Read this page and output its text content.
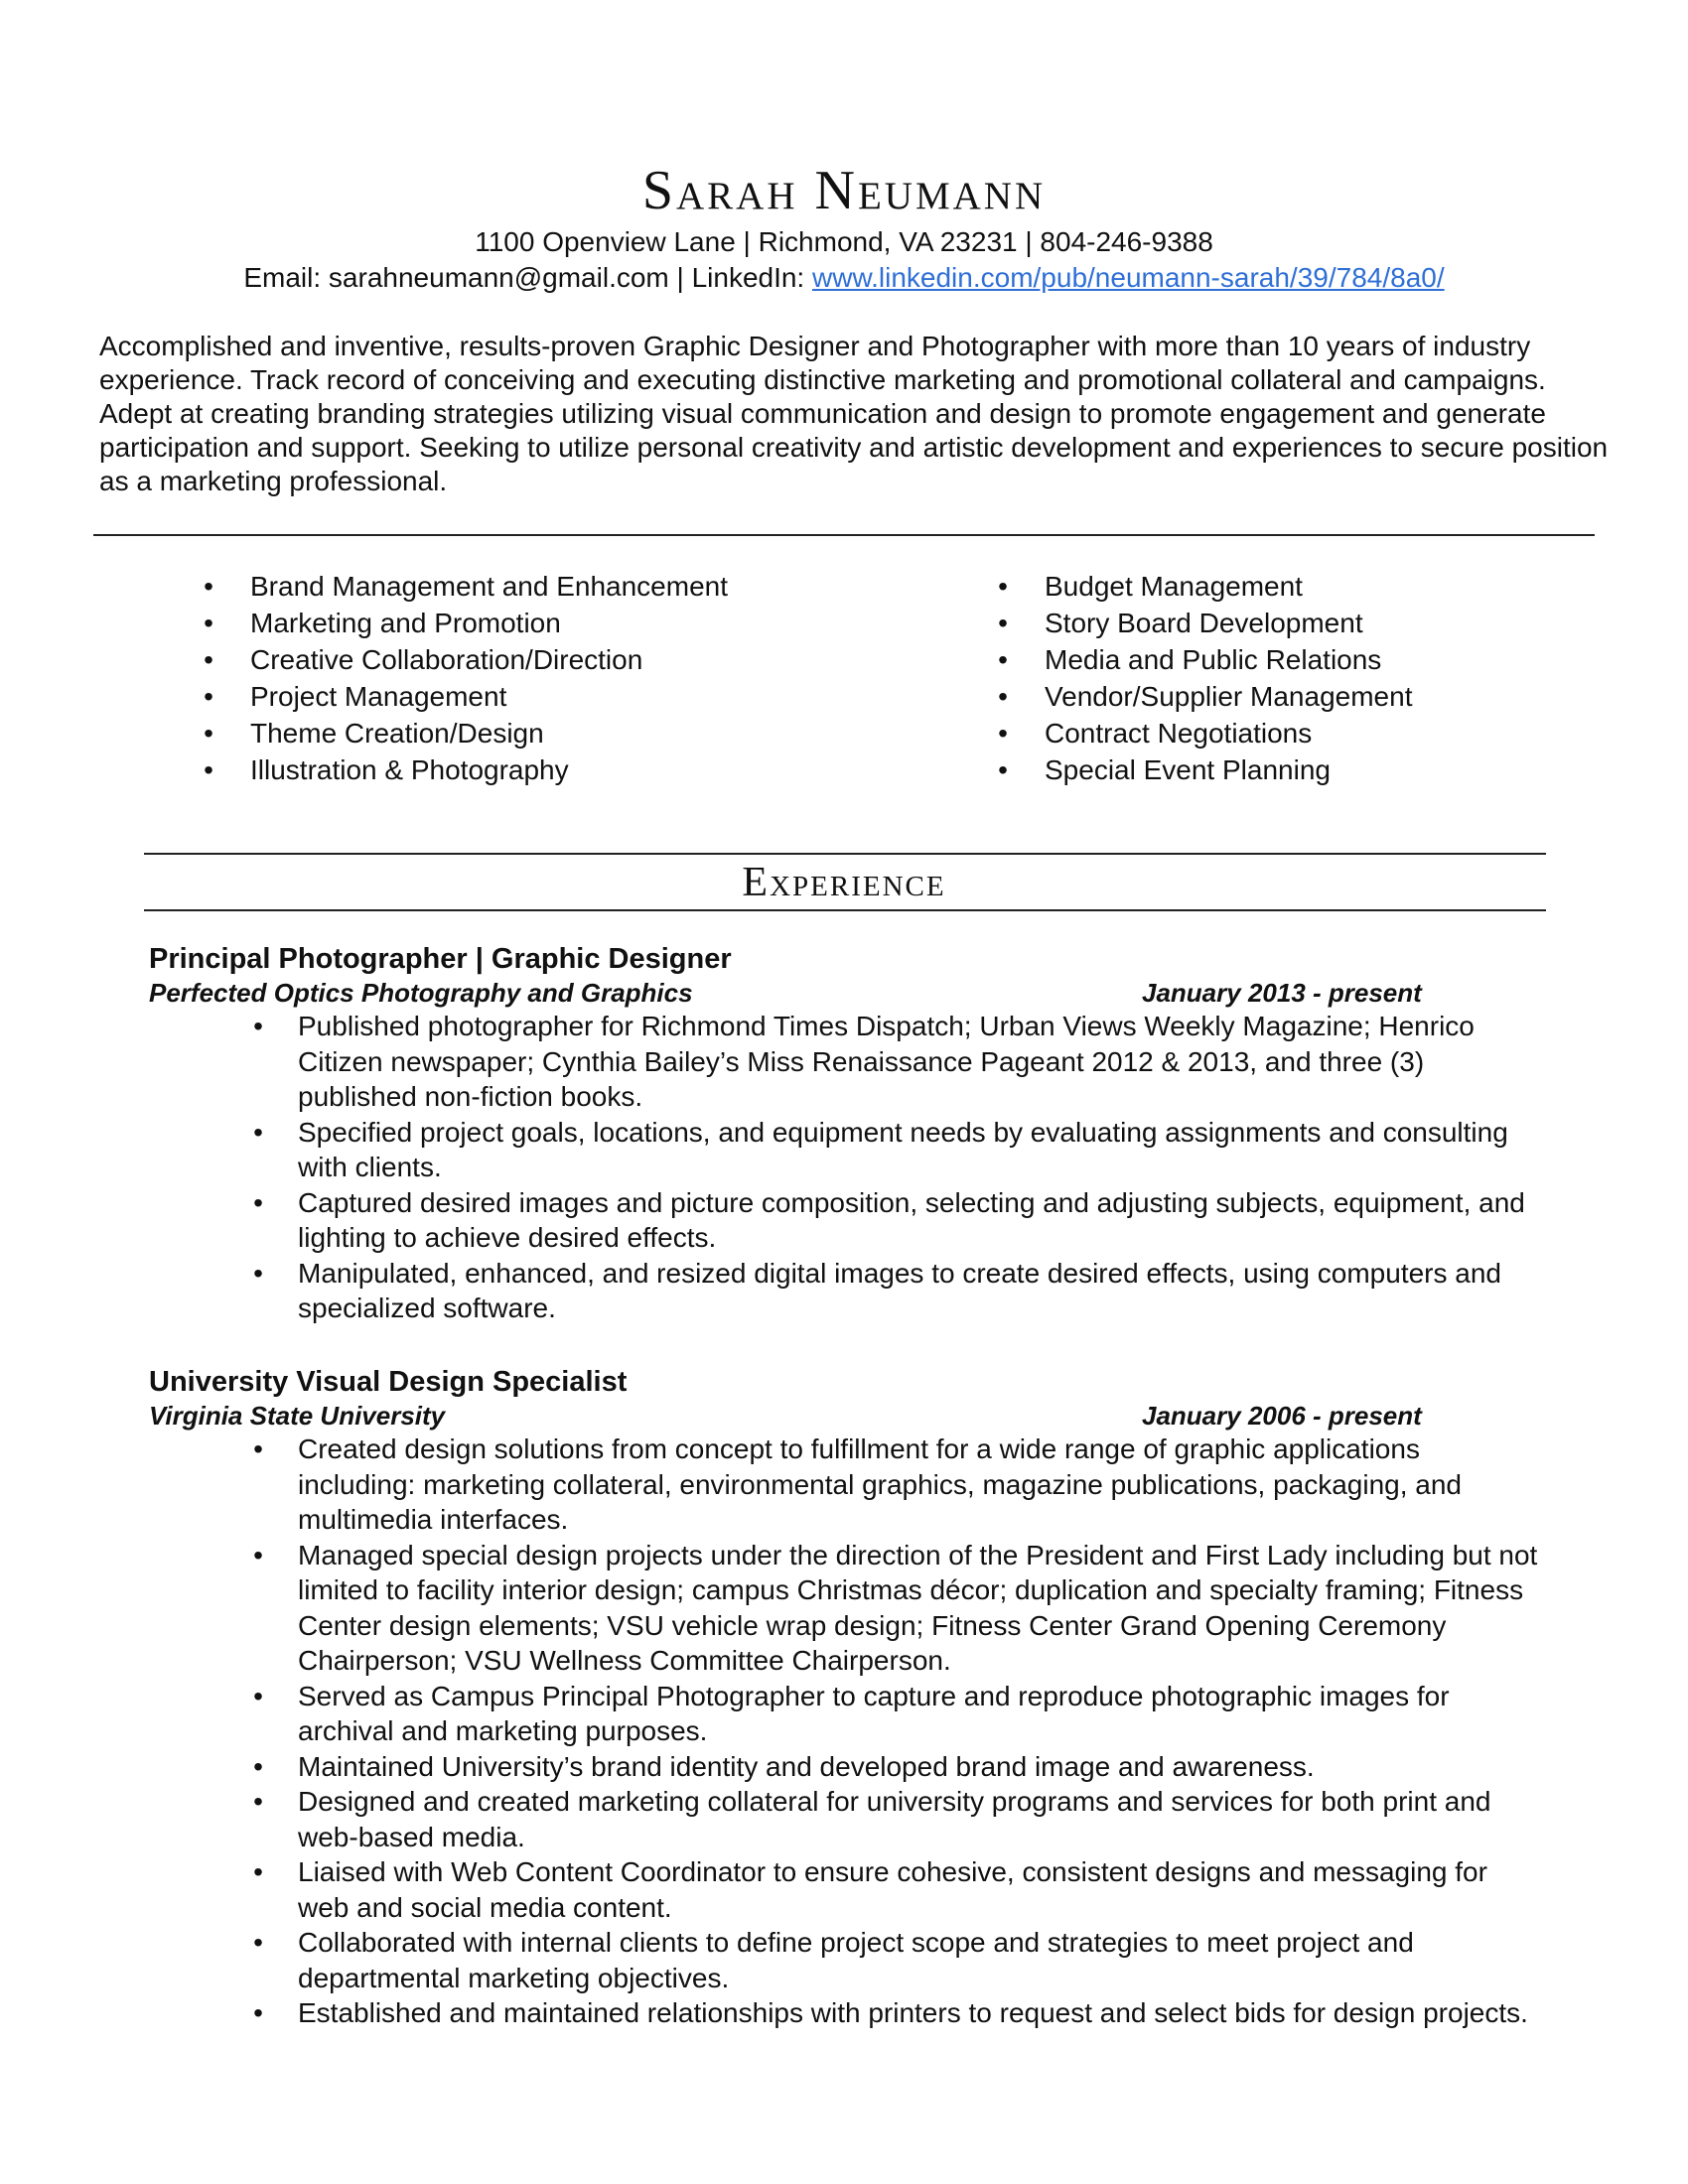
Sarah Neumann
1100 Openview Lane | Richmond, VA 23231 | 804-246-9388
Email: sarahneumann@gmail.com | LinkedIn: www.linkedin.com/pub/neumann-sarah/39/784/8a0/
Accomplished and inventive, results-proven Graphic Designer and Photographer with more than 10 years of industry experience. Track record of conceiving and executing distinctive marketing and promotional collateral and campaigns. Adept at creating branding strategies utilizing visual communication and design to promote engagement and generate participation and support. Seeking to utilize personal creativity and artistic development and experiences to secure position as a marketing professional.
• Brand Management and Enhancement
• Marketing and Promotion
• Creative Collaboration/Direction
• Project Management
• Theme Creation/Design
• Illustration & Photography
• Budget Management
• Story Board Development
• Media and Public Relations
• Vendor/Supplier Management
• Contract Negotiations
• Special Event Planning
Experience
Principal Photographer | Graphic Designer
Perfected Optics Photography and Graphics	January 2013 - present
• Published photographer for Richmond Times Dispatch; Urban Views Weekly Magazine; Henrico Citizen newspaper; Cynthia Bailey’s Miss Renaissance Pageant 2012 & 2013, and three (3) published non-fiction books.
• Specified project goals, locations, and equipment needs by evaluating assignments and consulting with clients.
• Captured desired images and picture composition, selecting and adjusting subjects, equipment, and lighting to achieve desired effects.
• Manipulated, enhanced, and resized digital images to create desired effects, using computers and specialized software.
University Visual Design Specialist
Virginia State University	January 2006 - present
• Created design solutions from concept to fulfillment for a wide range of graphic applications including: marketing collateral, environmental graphics, magazine publications, packaging, and multimedia interfaces.
• Managed special design projects under the direction of the President and First Lady including but not limited to facility interior design; campus Christmas décor; duplication and specialty framing; Fitness Center design elements; VSU vehicle wrap design; Fitness Center Grand Opening Ceremony Chairperson; VSU Wellness Committee Chairperson.
• Served as Campus Principal Photographer to capture and reproduce photographic images for archival and marketing purposes.
• Maintained University’s brand identity and developed brand image and awareness.
• Designed and created marketing collateral for university programs and services for both print and web-based media.
• Liaised with Web Content Coordinator to ensure cohesive, consistent designs and messaging for web and social media content.
• Collaborated with internal clients to define project scope and strategies to meet project and departmental marketing objectives.
• Established and maintained relationships with printers to request and select bids for design projects.
